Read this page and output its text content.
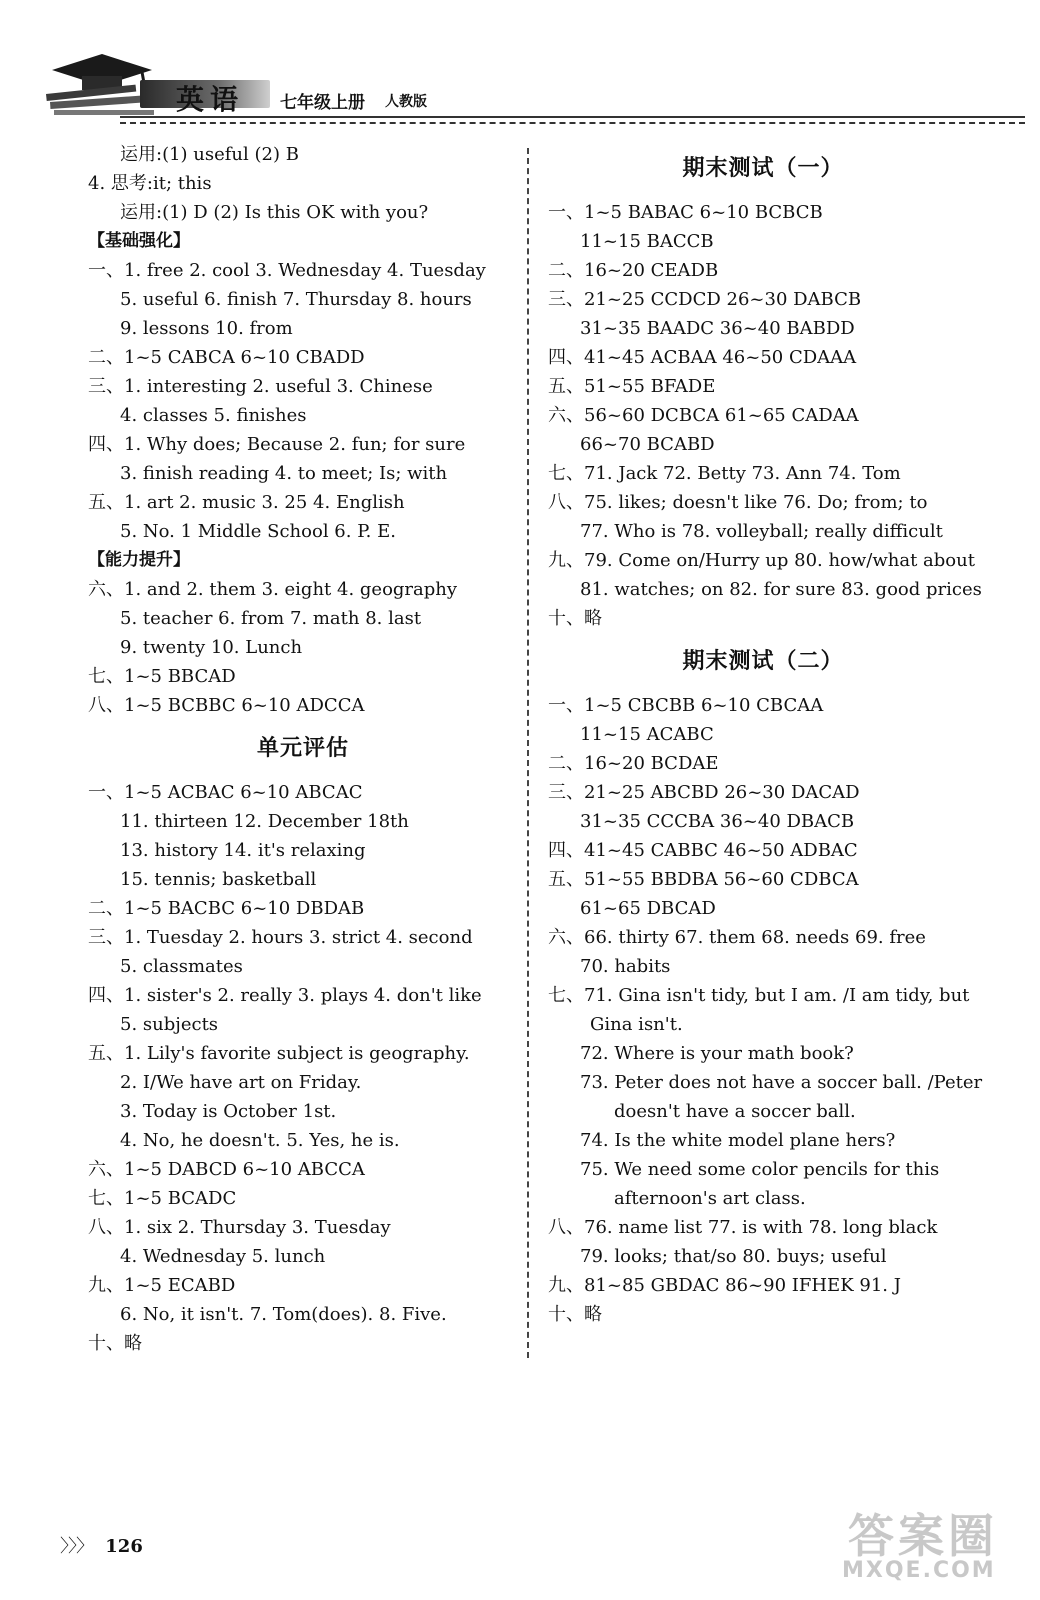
英语 七年级上册 人教版
运用:(1) useful (2) B
4. 思考:it; this
运用:(1) D (2) Is this OK with you?
【基础强化】
一、1. free 2. cool 3. Wednesday 4. Tuesday
5. useful 6. finish 7. Thursday 8. hours
9. lessons 10. from
二、1~5 CABCA 6~10 CBADD
三、1. interesting 2. useful 3. Chinese
4. classes 5. finishes
四、1. Why does; Because 2. fun; for sure
3. finish reading 4. to meet; Is; with
五、1. art 2. music 3. 25 4. English
5. No. 1 Middle School 6. P. E.
【能力提升】
六、1. and 2. them 3. eight 4. geography
5. teacher 6. from 7. math 8. last
9. twenty 10. Lunch
七、1~5 BBCAD
八、1~5 BCBBC 6~10 ADCCA
单元评估
一、1~5 ACBAC 6~10 ABCAC
11. thirteen 12. December 18th
13. history 14. it's relaxing
15. tennis; basketball
二、1~5 BACBC 6~10 DBDAB
三、1. Tuesday 2. hours 3. strict 4. second
5. classmates
四、1. sister's 2. really 3. plays 4. don't like
5. subjects
五、1. Lily's favorite subject is geography.
2. I/We have art on Friday.
3. Today is October 1st.
4. No, he doesn't. 5. Yes, he is.
六、1~5 DABCD 6~10 ABCCA
七、1~5 BCADC
八、1. six 2. Thursday 3. Tuesday
4. Wednesday 5. lunch
九、1~5 ECABD
6. No, it isn't. 7. Tom(does). 8. Five.
十、略
期末测试（一）
一、1~5 BABAC 6~10 BCBCB
11~15 BACCB
二、16~20 CEADB
三、21~25 CCDCD 26~30 DABCB
31~35 BAADC 36~40 BABDD
四、41~45 ACBAA 46~50 CDAAA
五、51~55 BFADE
六、56~60 DCBCA 61~65 CADAA
66~70 BCABD
七、71. Jack 72. Betty 73. Ann 74. Tom
八、75. likes; doesn't like 76. Do; from; to
77. Who is 78. volleyball; really difficult
九、79. Come on/Hurry up 80. how/what about
81. watches; on 82. for sure 83. good prices
十、略
期末测试（二）
一、1~5 CBCBB 6~10 CBCAA
11~15 ACABC
二、16~20 BCDAE
三、21~25 ABCBD 26~30 DACAD
31~35 CCCBA 36~40 DBACB
四、41~45 CABBC 46~50 ADBAC
五、51~55 BBDBA 56~60 CDBCA
61~65 DBCAD
六、66. thirty 67. them 68. needs 69. free
70. habits
七、71. Gina isn't tidy, but I am. /I am tidy, but
Gina isn't.
72. Where is your math book?
73. Peter does not have a soccer ball. /Peter
doesn't have a soccer ball.
74. Is the white model plane hers?
75. We need some color pencils for this
afternoon's art class.
八、76. name list 77. is with 78. long black
79. looks; that/so 80. buys; useful
九、81~85 GBDAC 86~90 IFHEK 91. J
十、略
〉〉〉 126	答案圈
MXQE.COM
